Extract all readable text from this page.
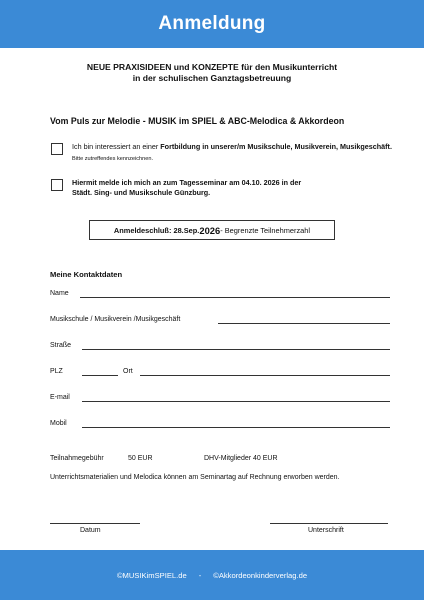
Anmeldung
NEUE PRAXISIDEEN und KONZEPTE für den Musikunterricht
in der schulischen Ganztagsbetreuung
Vom Puls zur Melodie - MUSIK im SPIEL & ABC-Melodica & Akkordeon
Ich bin interessiert an einer Fortbildung in unserer/m Musikschule, Musikverein, Musikgeschäft. Bitte zutreffendes kennzeichnen.
Hiermit melde ich mich an zum Tagesseminar am 04.10. 2026 in der
Städt. Sing- und Musikschule Günzburg.
Anmeldeschluß: 28.Sep. 2026 - Begrenzte Teilnehmerzahl
Meine Kontaktdaten
Name
Musikschule / Musikverein /Musikgeschäft
Straße
PLZ	Ort
E-mail
Mobil
Teilnahmegebühr	50 EUR	DHV-Mitglieder 40 EUR
Unterrichtsmaterialien und Melodica können am Seminartag auf Rechnung erworben werden.
Datum	Unterschrift
©MUSIKimSPIEL.de - ©Akkordeonkinderverlag.de
